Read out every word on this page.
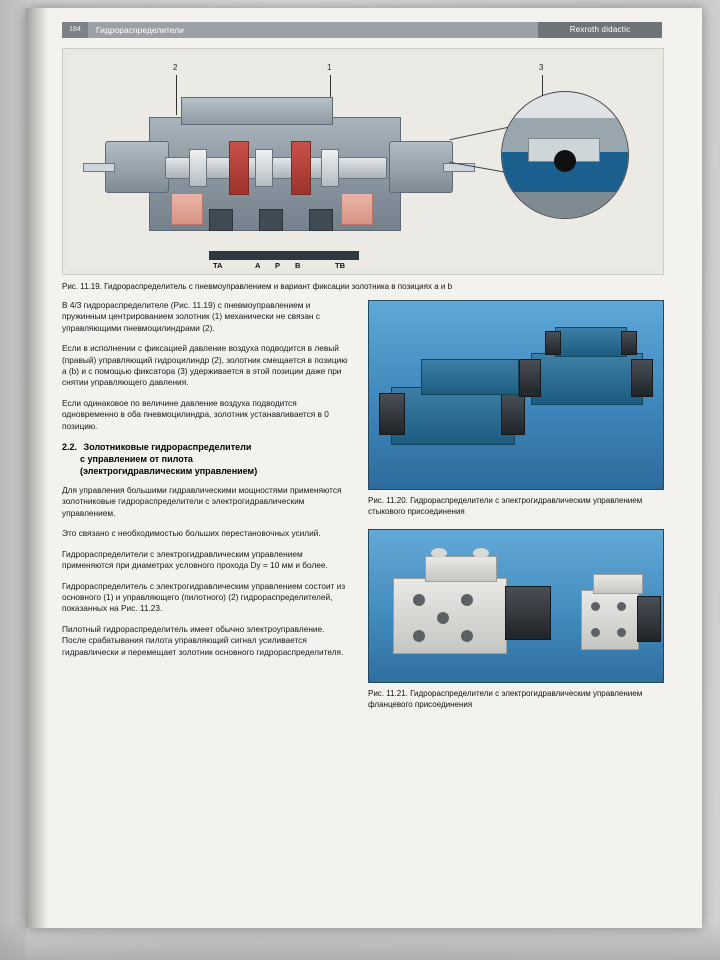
184	Гидрораспределители	Rexroth didactic
2	1	3
TA	A P B	TB
Рис. 11.19. Гидрораспределитель с пневмоуправлением и вариант фиксации золотника в позициях a и b

В 4/3 гидрораспределителе (Рис. 11.19) с пневмоуправлением и пружинным центрированием золотник (1) механически не связан с управляющими пневмоцилиндрами (2).

Если в исполнении с фиксацией давление воздуха подводится в левый (правый) управляющий гидроцилиндр (2), золотник смещается в позицию a (b) и с помощью фиксатора (3) удерживается в этой позиции даже при снятии управляющего давления.

Если одинаковое по величине давление воздуха подводится одновременно в оба пневмоцилиндра, золотник устанавливается в 0 позицию.

2.2. Золотниковые гидрораспределители
с управлением от пилота
(электрогидравлическим управлением)

Для управления большими гидравлическими мощностями применяются золотниковые гидрораспределители с электрогидравлическим управлением.

Это связано с необходимостью больших перестановочных усилий.

Гидрораспределители с электрогидравлическим управлением применяются при диаметрах условного прохода Dу = 10 мм и более.

Гидрораспределитель с электрогидравлическим управлением состоит из основного (1) и управляющего (пилотного) (2) гидрораспределителей, показанных на Рис. 11.23.

Пилотный гидрораспределитель имеет обычно электроуправление. После срабатывания пилота управляющий сигнал усиливается гидравлически и перемещает золотник основного гидрораспределителя.

Рис. 11.20. Гидрораспределители с электрогидравлическим управлением стыкового присоединения
Рис. 11.21. Гидрораспределители с электрогидравлическим управлением фланцевого присоединения
